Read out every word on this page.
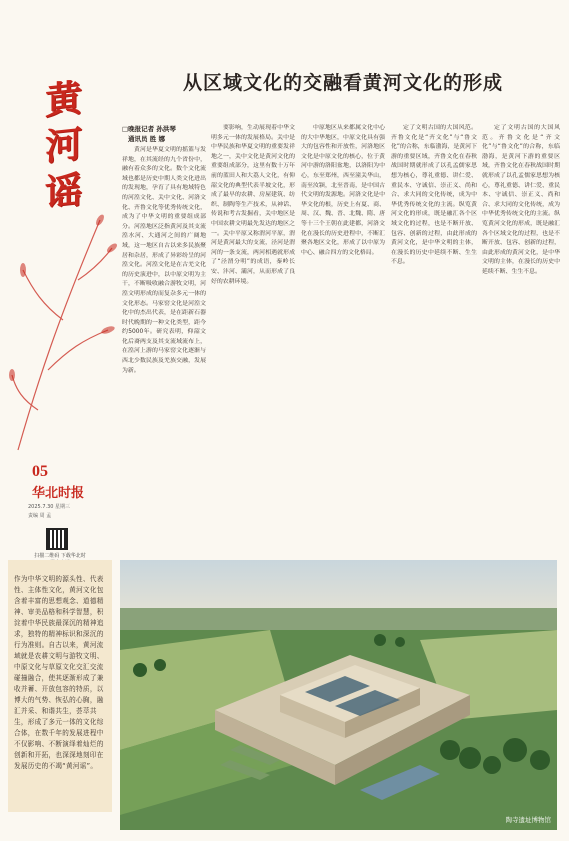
黄
河
谣
05
华北时报
2025.7.30 星期三
责编 周 孟
扫描二维码 下载华北时
作为中华文明的源头性、代表性、主体性文化，黄河文化包含着丰富的思想观念、道德精神、审美品格和科学智慧，积淀着中华民族最深沉的精神追求，独特的精神标识和深沉的行为准则。自古以来，黄河流域就是农耕文明与游牧文明、中原文化与草原文化交汇交流碰撞融合，使其逐渐形成了兼收并蓄、开放包容的特质，以博大的气势、恢弘的心胸，融汇并采、和谐共生，荟萃共生，形成了多元一体的文化综合体，在数千年的发展进程中不仅影响、不断演绎着灿烂的创新和开拓，也深深地刻印在发展历史的不竭“黄河谣”。
从区域文化的交融看黄河文化的形成
□晚报记者 孙洪琴
通讯员 胜 娜

黄河是华夏文明的摇篮与发祥地，在其流经的九个省份中，融有着众多的文化。数个文化流域也都是历史中期人类文化进出的发现地，孕育了具有地域特色的河湟文化、关中文化、河洛文化、齐鲁文化等优秀传统文化，成为了中华文明的重要组成部分。河湟地区泛指黄河及其支流湟水河、大通河之间的广阔地域，这一地区自古以来多民族聚居和杂居，形成了异彩纷呈的河湟文化。河湟文化是在古羌文化的历史演进中，以中原文明为主干，不断吸收融合游牧文明，河湟文明形成的而复杂多元一体的文化形态。马家窑文化是河湟文化中的杰出代表，是在距新石器时代晚期的一种文化类型，距今约5000年。研究表明，仰韶文化后裔两支及其支流域流布上，在湟河上游的马家窑文化逐渐与西北少数民族及羌族交融，发展为新。

要影响，生动展现着中华文明多元一体的发展格局。关中是中华民族和华夏文明的重要发祥地之一，关中文化是黄河文化的重要组成部分，这里有数十万年前的蓝田人和大荔人文化，有仰韶文化的典型代表半坡文化，形成了最早的农耕、房屋建筑、纺织、制陶等生产技术，从神话、传说和考古发掘看，关中地区是中国农耕文明最先发达的地区之一。关中平原又称渭河平原，渭河是黄河最大的支流，泾河是渭河的一条支流，两河相遇就形成了“泾渭分明”的成语，秦岭长安、沣河、灞河，从而形成了良好的农耕环境。

中原地区从来都属文化中心的大中华地区，中原文化具有强大的包容性和开放性，河洛地区文化是中原文化的核心，位于黄河中游的洛阳盆地，以洛阳为中心，东至郑州，西至潼关华山，南至汝颍，北至晋南，是中国古代文明的发源地。河洛文化是中华文化的根，历史上有夏、商、周、汉、魏、晋、北魏、隋、唐等十三个王朝在此建都，河洛文化在漫长的历史进程中，不断汇聚各地区文化，形成了以中原为中心、融合四方的文化格局。

定了文明古国的大国风范。齐鲁文化是“齐文化”与“鲁文化”的合称，东临渤海，是黄河下游的重要区域，齐鲁文化在春秋战国时期就形成了以孔孟儒家思想为核心，尊礼重德、讲仁爱、重民本、守诚信、崇正义、尚和合、求大同的文化传统，成为中华优秀传统文化的主流。纵览黄河文化的形成，既是融汇各个区域文化的过程，也是不断开放、包容、创新的过程，由此形成的黄河文化，是中华文明的主体，在漫长的历史中延续不断、生生不息。

定了文明古国的大国风范。齐鲁文化是“齐文化”与“鲁文化”的合称，东临渤海，是黄河下游的重要区域，齐鲁文化在春秋战国时期就形成了以孔孟儒家思想为核心，尊礼重德、讲仁爱、重民本、守诚信、崇正义、尚和合、求大同的文化传统，成为中华优秀传统文化的主流。纵览黄河文化的形成，既是融汇各个区域文化的过程，也是不断开放、包容、创新的过程，由此形成的黄河文化，是中华文明的主体，在漫长的历史中延续不断、生生不息。

陶寺遗址博物馆
